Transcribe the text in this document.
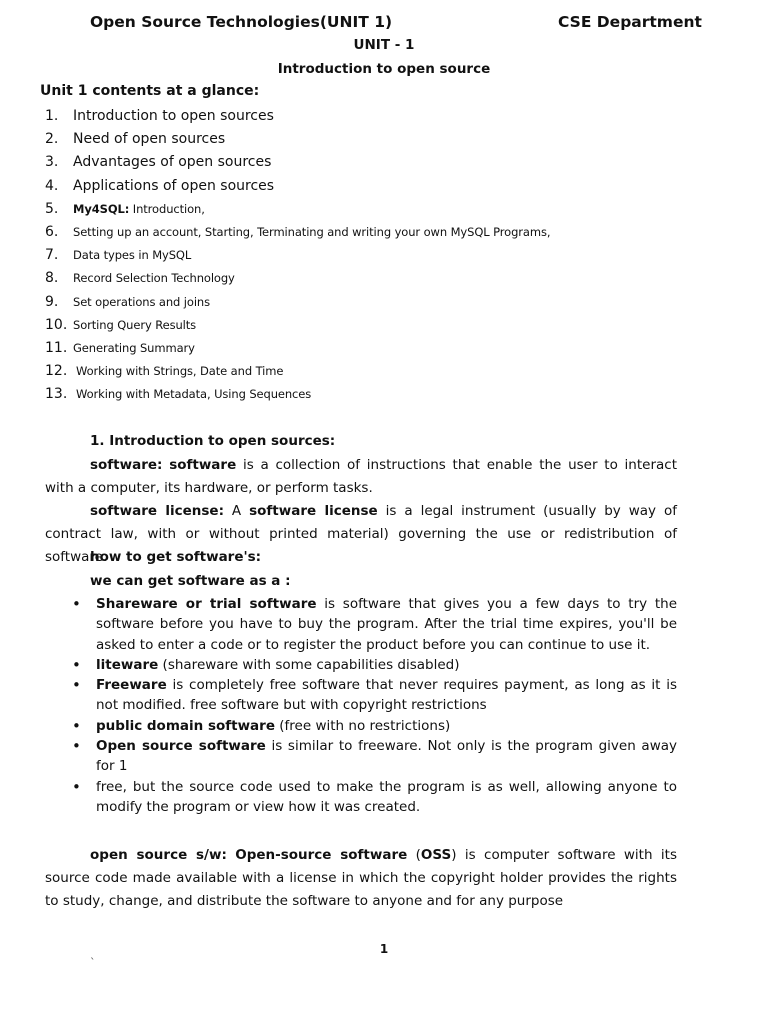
Open Source Technologies(UNIT 1)	CSE Department
UNIT - 1
Introduction to open source
Unit 1 contents at a glance:
1. Introduction to open sources
2. Need of open sources
3. Advantages of open sources
4. Applications of open sources
5. My4SQL: Introduction,
6. Setting up an account, Starting, Terminating and writing your own MySQL Programs,
7. Data types in MySQL
8. Record Selection Technology
9. Set operations and joins
10. Sorting Query Results
11. Generating Summary
12. Working with Strings, Date and Time
13. Working with Metadata, Using Sequences
1. Introduction to open sources:
software: software is a collection of instructions that enable the user to interact with a computer, its hardware, or perform tasks.
software license: A software license is a legal instrument (usually by way of contract law, with or without printed material) governing the use or redistribution of software.
how to get software's:
we can get software as a :
• Shareware or trial software is software that gives you a few days to try the software before you have to buy the program. After the trial time expires, you'll be asked to enter a code or to register the product before you can continue to use it.
• liteware (shareware with some capabilities disabled)
• Freeware is completely free software that never requires payment, as long as it is not modified. free software but with copyright restrictions
• public domain software (free with no restrictions)
• Open source software is similar to freeware. Not only is the program given away for 1
• free, but the source code used to make the program is as well, allowing anyone to modify the program or view how it was created.
open source s/w: Open-source software (OSS) is computer software with its source code made available with a license in which the copyright holder provides the rights to study, change, and distribute the software to anyone and for any purpose
1
`
